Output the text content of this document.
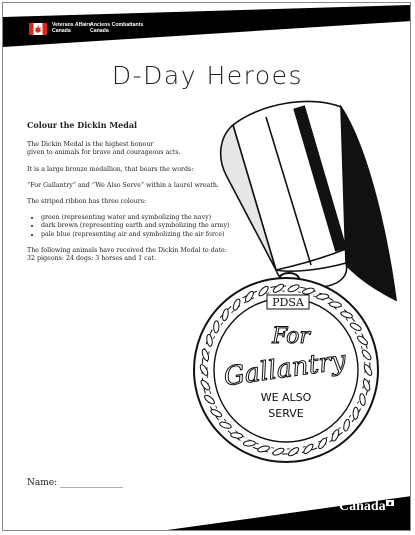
Veterans Affairs
Canada
Anciens Combattants
Canada
D-Day Heroes
PDSA
For
Gallantry
WE ALSO
SERVE
Colour the Dickin Medal

The Dickin Medal is the highest honour
given to animals for brave and courageous acts.

It is a large bronze medallion, that bears the words:

“For Gallantry” and “We Also Serve” within a laurel wreath.

The striped ribbon has three colours:

• green (representing water and symbolizing the navy)
• dark brown (representing earth and symbolizing the army)
• pale blue (representing air and symbolizing the air force)

The following animals have received the Dickin Medal to date:
32 pigeons: 24 dogs: 3 horses and 1 cat.

Name: ______________
www.veterans.gc.ca	Canada
